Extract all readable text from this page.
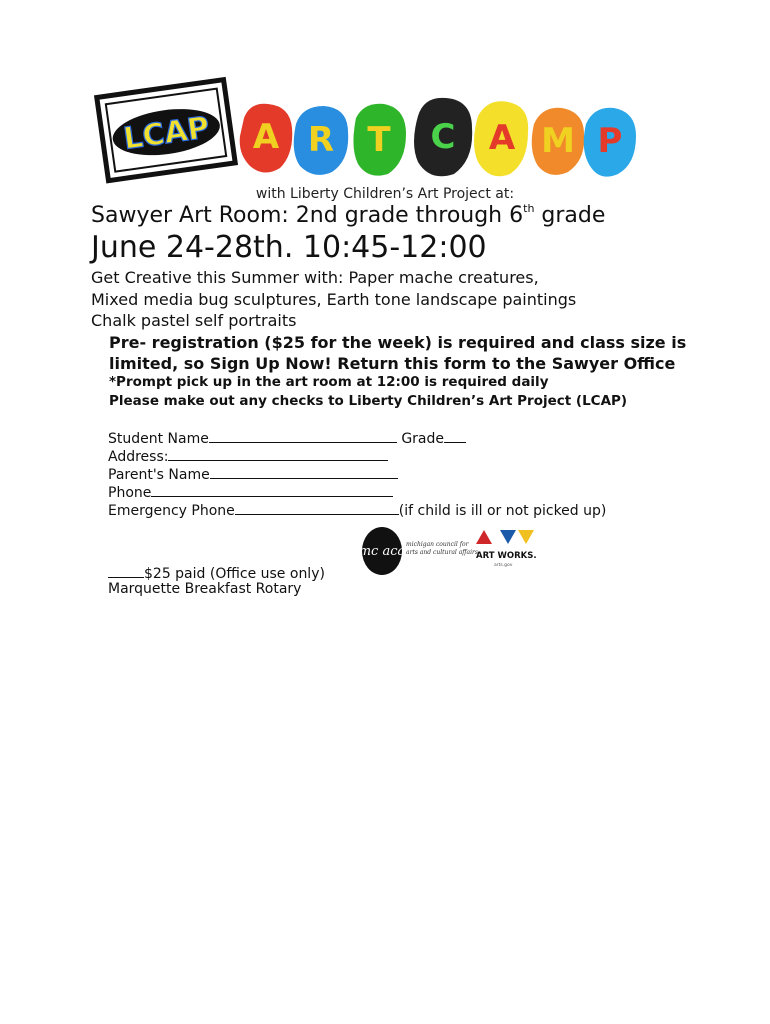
LCAP	A R T	C A M P
with Liberty Children’s Art Project at:
Sawyer Art Room: 2nd grade through 6th grade
June 24-28th. 10:45-12:00
Get Creative this Summer with: Paper mache creatures,
Mixed media bug sculptures, Earth tone landscape paintings
Chalk pastel self portraits
Pre- registration ($25 for the week) is required and class size is
limited, so Sign Up Now! Return this form to the Sawyer Office
*Prompt pick up in the art room at 12:00 is required daily
Please make out any checks to Liberty Children’s Art Project (LCAP)
Student Name	Grade
Address:
Parent's Name
Phone
Emergency Phone	(if child is ill or not picked up)
mc aca michigan council for
arts and cultural affairs
ART WORKS.
arts.gov
$25 paid (Office use only)
Marquette Breakfast Rotary
